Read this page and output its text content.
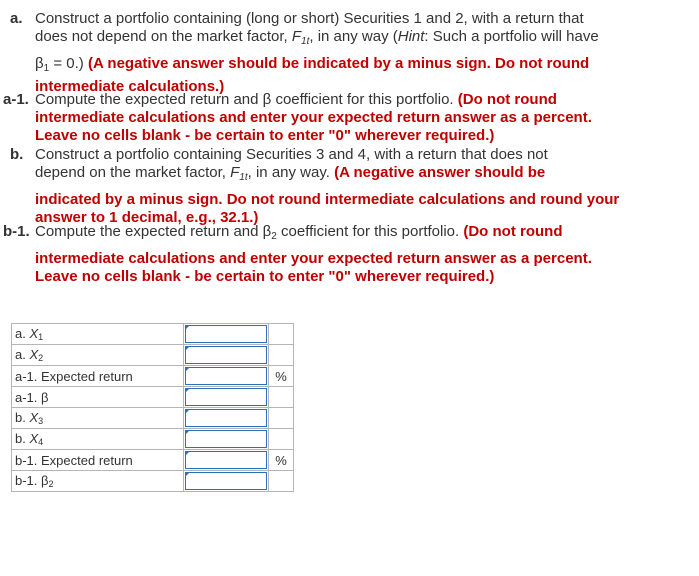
a. Construct a portfolio containing (long or short) Securities 1 and 2, with a return that
does not depend on the market factor, $F_{1t}$, in any way (Hint: Such a portfolio will have
$\beta_1 = 0$.) (A negative answer should be indicated by a minus sign. Do not round
intermediate calculations.)
a-1. Compute the expected return and β coefficient for this portfolio. (Do not round
intermediate calculations and enter your expected return answer as a percent.
Leave no cells blank - be certain to enter "0" wherever required.)
b. Construct a portfolio containing Securities 3 and 4, with a return that does not
depend on the market factor, $F_{1t}$, in any way. (A negative answer should be
indicated by a minus sign. Do not round intermediate calculations and round your
answer to 1 decimal, e.g., 32.1.)
b-1. Compute the expected return and $\beta_2$ coefficient for this portfolio. (Do not round
intermediate calculations and enter your expected return answer as a percent.
Leave no cells blank - be certain to enter "0" wherever required.)
a. X1	

a. X2	

a-1. Expected return		%
a-1. β	

b. X3	

b. X4	

b-1. Expected return		%
b-1. β2	
